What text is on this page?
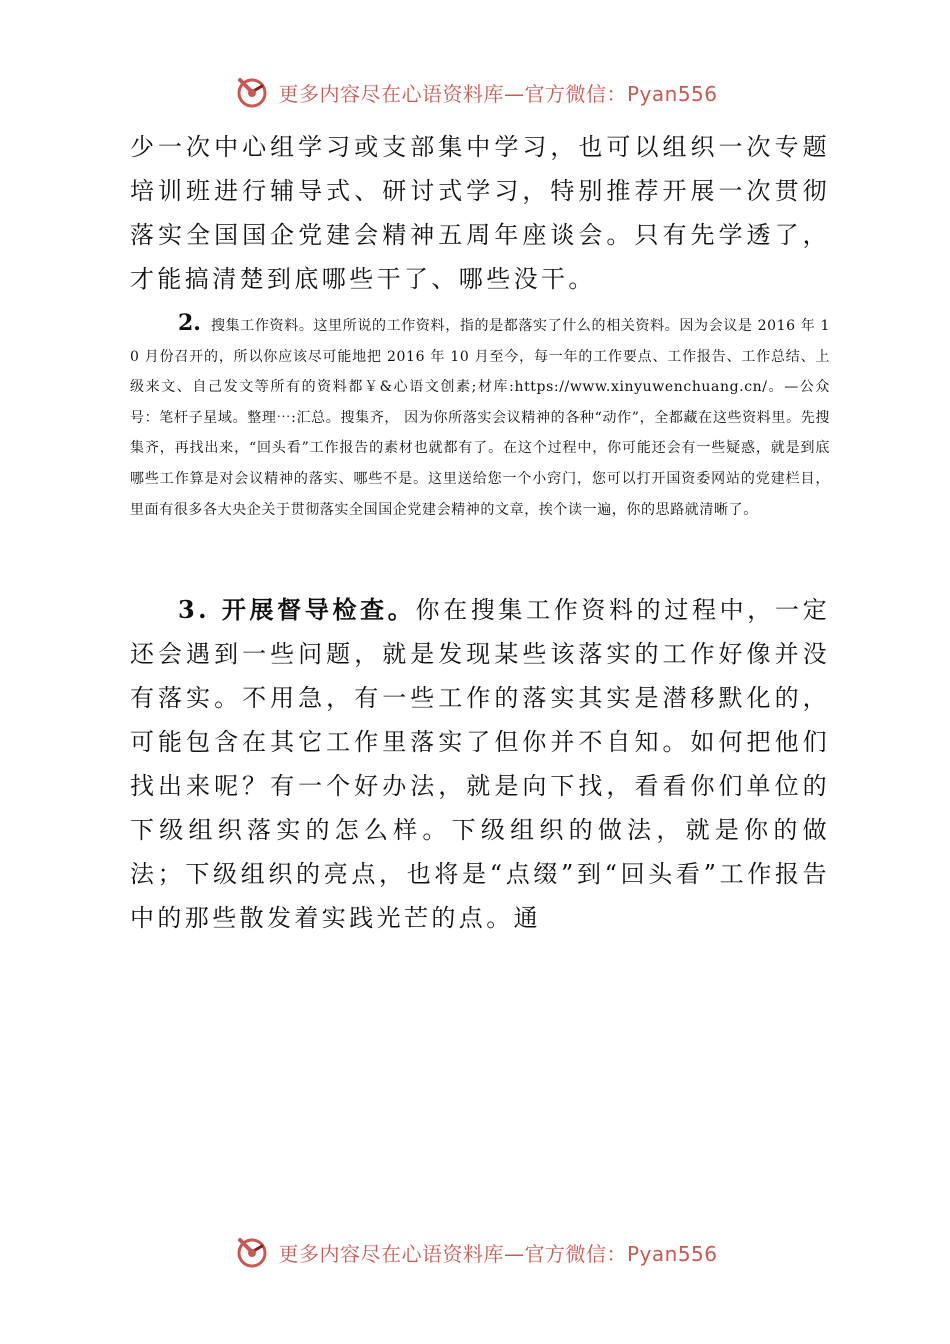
更多内容尽在心语资料库—官方微信：Pyan556

少一次中心组学习或支部集中学习，也可以组织一次专题培训班进行辅导式、研讨式学习，特别推荐开展一次贯彻落实全国国企党建会精神五周年座谈会。只有先学透了，才能搞清楚到底哪些干了、哪些没干。

2. 搜集工作资料。这里所说的工作资料，指的是都落实了什么的相关资料。因为会议是 2016 年 10 月份召开的，所以你应该尽可能地把 2016 年 10 月至今，每一年的工作要点、工作报告、工作总结、上级来文、自己发文等所有的资料都￥&心语文创素;材库:https://www.xinyuwenchuang.cn/。—公众号：笔杆子星域。整理⋯:汇总。搜集齐， 因为你所落实会议精神的各种“动作”，全都藏在这些资料里。先搜集齐，再找出来，“回头看”工作报告的素材也就都有了。在这个过程中，你可能还会有一些疑惑，就是到底哪些工作算是对会议精神的落实、哪些不是。这里送给您一个小窍门，您可以打开国资委网站的党建栏目，里面有很多各大央企关于贯彻落实全国国企党建会精神的文章，挨个读一遍，你的思路就清晰了。

3. 开展督导检查。你在搜集工作资料的过程中，一定还会遇到一些问题，就是发现某些该落实的工作好像并没有落实。不用急，有一些工作的落实其实是潜移默化的，可能包含在其它工作里落实了但你并不自知。如何把他们找出来呢？有一个好办法，就是向下找，看看你们单位的下级组织落实的怎么样。下级组织的做法，就是你的做法；下级组织的亮点，也将是“点缀”到“回头看”工作报告中的那些散发着实践光芒的点。通

更多内容尽在心语资料库—官方微信：Pyan556
